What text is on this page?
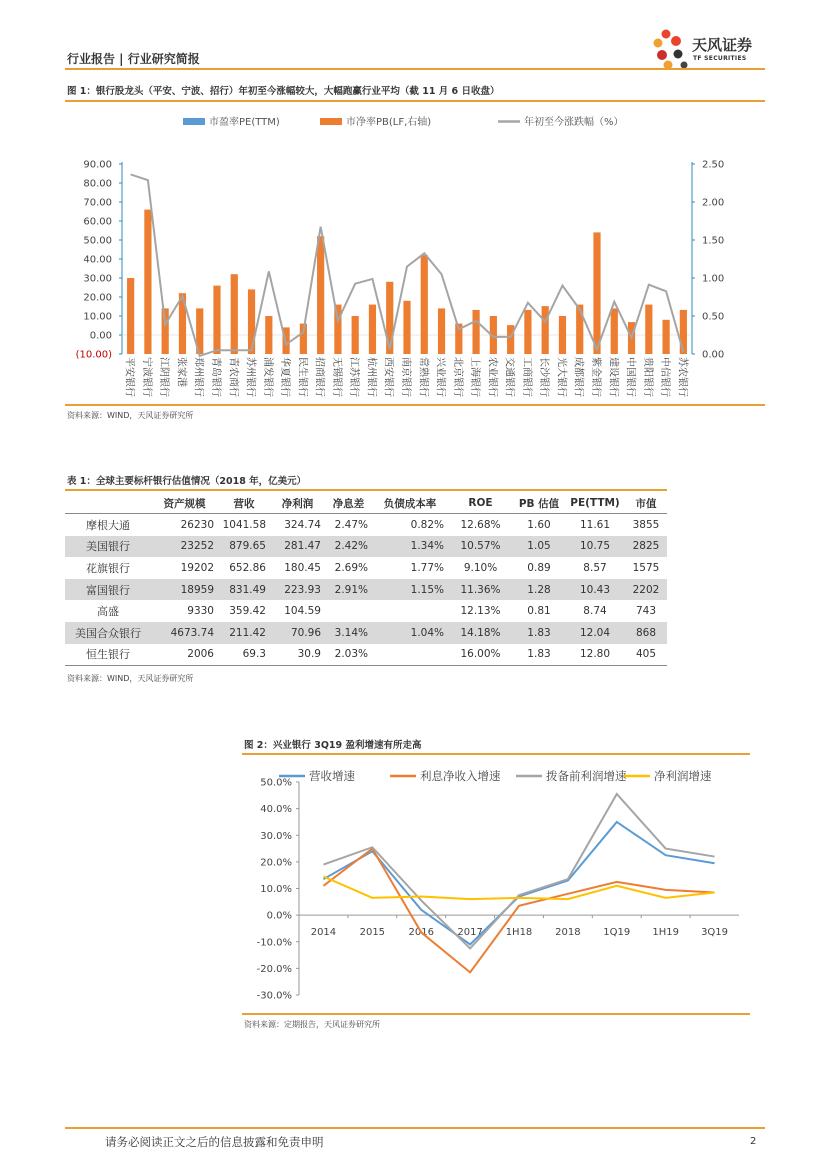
行业报告 | 行业研究简报
天风证券
TF SECURITIES
图 1：银行股龙头（平安、宁波、招行）年初至今涨幅较大，大幅跑赢行业平均（截 11 月 6 日收盘）
市盈率PE(TTM)	市净率PB(LF,右轴)	年初至今涨跌幅（%）
(10.00)
0.00
10.00
20.00
30.00
40.00
50.00
60.00
70.00
80.00
90.00
0.00
0.50
1.00
1.50
2.00
2.50
平安银行 宁波银行 江阴银行 张家港 郑州银行 青岛银行 青农商行 苏州银行 浦发银行 华夏银行 民生银行 招商银行 无锡银行 江苏银行 杭州银行 西安银行 南京银行 常熟银行 兴业银行 北京银行 上海银行 农业银行 交通银行 工商银行 长沙银行 光大银行 成都银行 紫金银行 建设银行 中国银行 贵阳银行 中信银行 苏农银行
资料来源：WIND，天风证券研究所
表 1：全球主要标杆银行估值情况（2018 年，亿美元）
	资产规模	营收	净利润	净息差	负债成本率	ROE	PB 估值	PE(TTM)	市值
摩根大通	26230	1041.58	324.74	2.47%	0.82%	12.68%	1.60	11.61	3855
美国银行	23252	879.65	281.47	2.42%	1.34%	10.57%	1.05	10.75	2825
花旗银行	19202	652.86	180.45	2.69%	1.77%	9.10%	0.89	8.57	1575
富国银行	18959	831.49	223.93	2.91%	1.15%	11.36%	1.28	10.43	2202
高盛	9330	359.42	104.59			12.13%	0.81	8.74	743
美国合众银行	4673.74	211.42	70.96	3.14%	1.04%	14.18%	1.83	12.04	868
恒生银行	2006	69.3	30.9	2.03%		16.00%	1.83	12.80	405
资料来源：WIND，天风证券研究所
图 2：兴业银行 3Q19 盈利增速有所走高
营收增速	利息净收入增速	拨备前利润增速 净利润增速
50.0%
40.0%
30.0%
20.0%
10.0%
0.0%
-10.0%
-20.0%
-30.0%
2014 2015 2016 2017 1H18 2018 1Q19 1H19 3Q19
资料来源：定期报告，天风证券研究所
请务必阅读正文之后的信息披露和免责申明	2
